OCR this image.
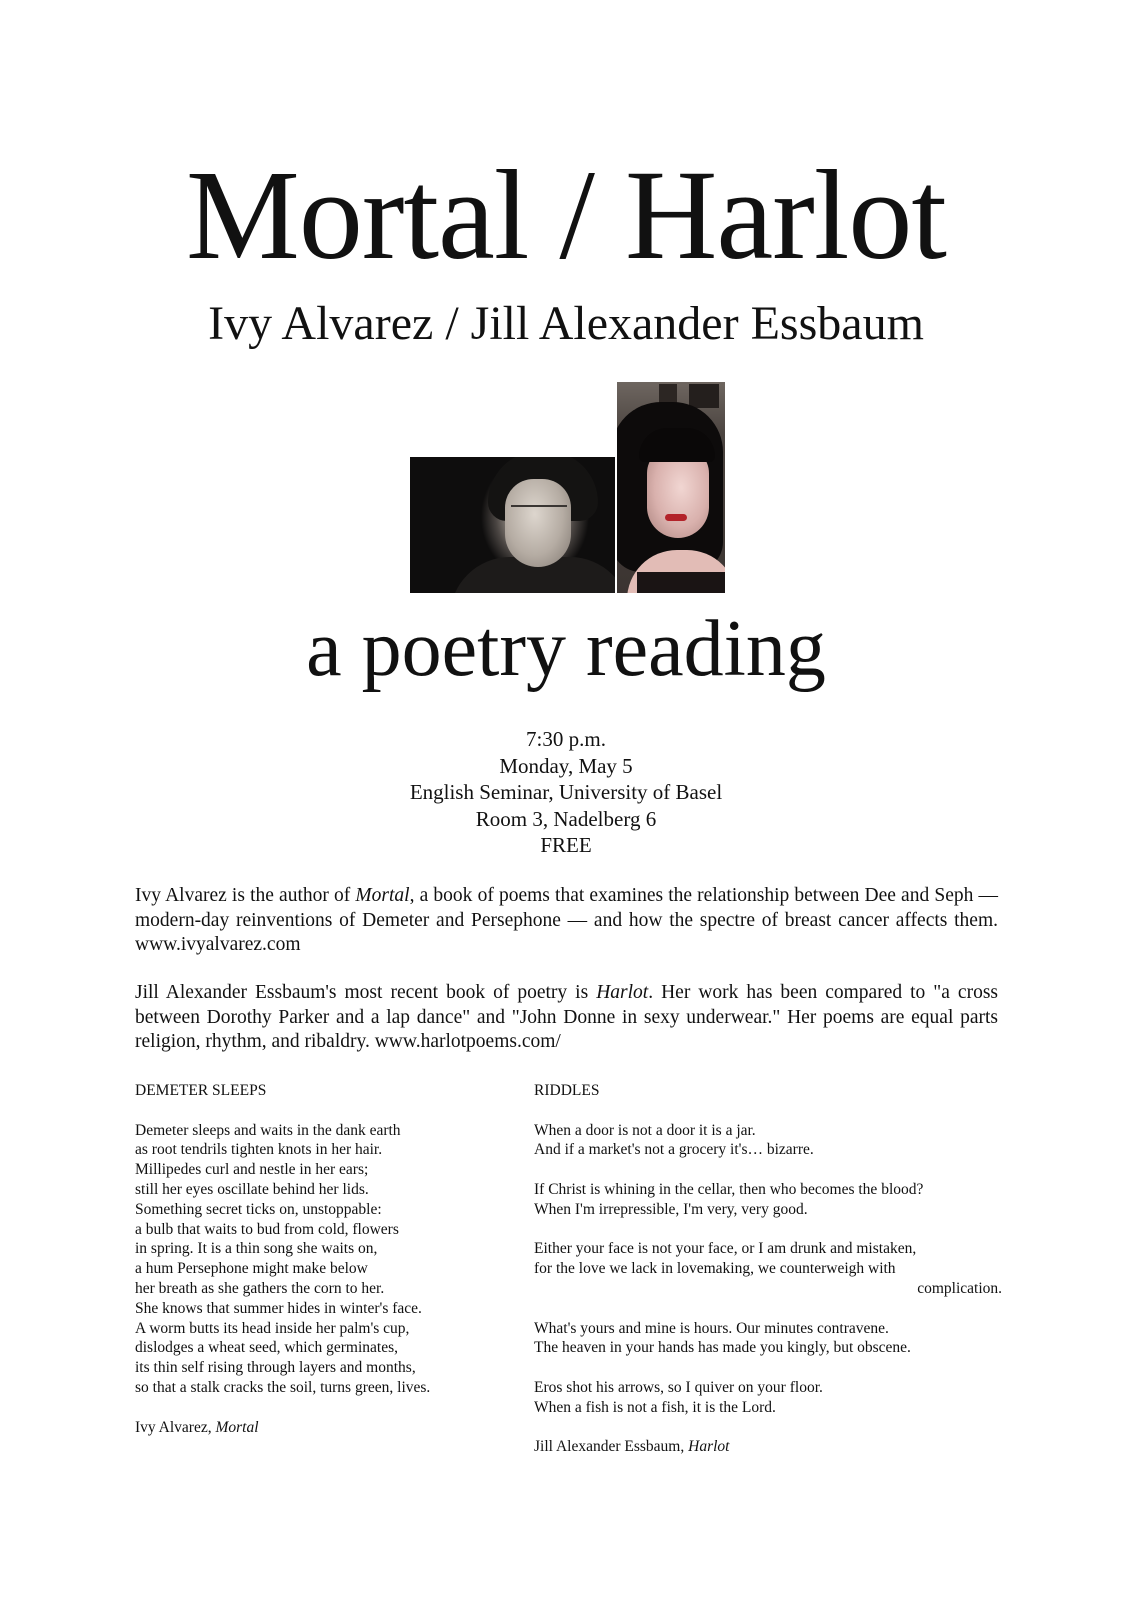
Mortal / Harlot
Ivy Alvarez / Jill Alexander Essbaum
a poetry reading
7:30 p.m.
Monday, May 5
English Seminar, University of Basel
Room 3, Nadelberg 6
FREE

Ivy Alvarez is the author of Mortal, a book of poems that examines the relationship between Dee and Seph — modern-day reinventions of Demeter and Persephone — and how the spectre of breast cancer affects them. www.ivyalvarez.com

Jill Alexander Essbaum's most recent book of poetry is Harlot. Her work has been compared to "a cross between Dorothy Parker and a lap dance" and "John Donne in sexy underwear." Her poems are equal parts religion, rhythm, and ribaldry. www.harlotpoems.com/

DEMETER SLEEPS
Demeter sleeps and waits in the dank earth
as root tendrils tighten knots in her hair.
Millipedes curl and nestle in her ears;
still her eyes oscillate behind her lids.
Something secret ticks on, unstoppable:
a bulb that waits to bud from cold, flowers
in spring. It is a thin song she waits on,
a hum Persephone might make below
her breath as she gathers the corn to her.
She knows that summer hides in winter's face.
A worm butts its head inside her palm's cup,
dislodges a wheat seed, which germinates,
its thin self rising through layers and months,
so that a stalk cracks the soil, turns green, lives.
Ivy Alvarez, Mortal
RIDDLES
When a door is not a door it is a jar.
And if a market's not a grocery it's… bizarre.
If Christ is whining in the cellar, then who becomes the blood?
When I'm irrepressible, I'm very, very good.
Either your face is not your face, or I am drunk and mistaken,
for the love we lack in lovemaking, we counterweigh with
complication.
What's yours and mine is hours. Our minutes contravene.
The heaven in your hands has made you kingly, but obscene.
Eros shot his arrows, so I quiver on your floor.
When a fish is not a fish, it is the Lord.
Jill Alexander Essbaum, Harlot
